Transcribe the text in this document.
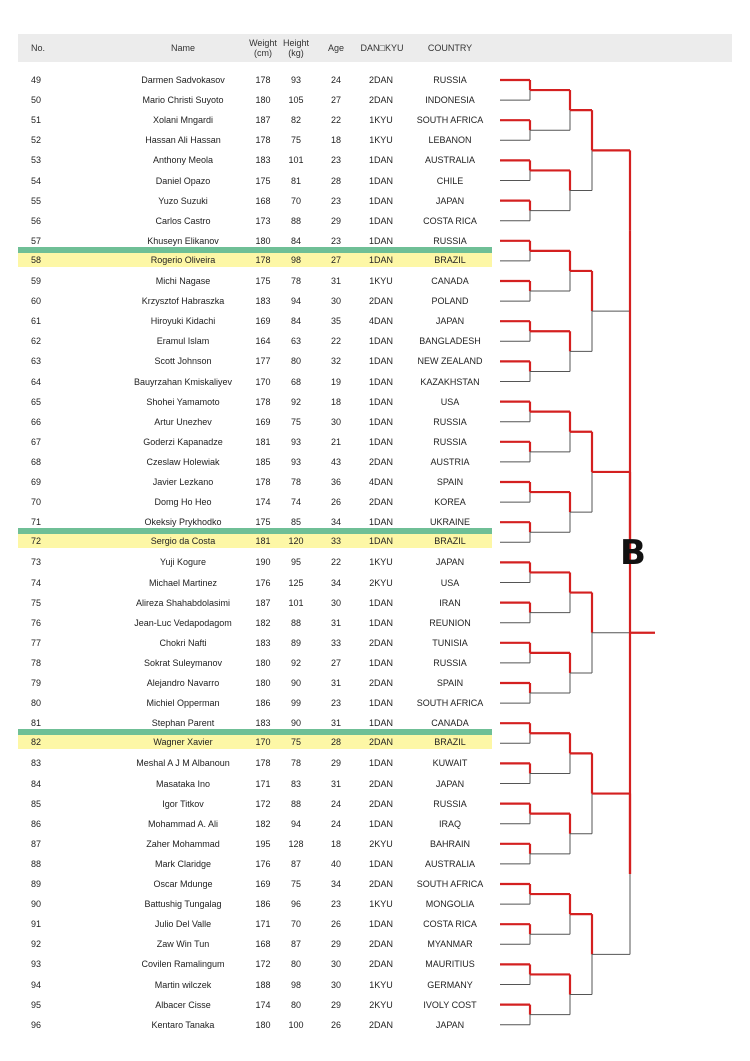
No.	Name	Weight
(cm)
Height
(kg)	Age	DAN□KYU	COUNTRY
49	Darmen Sadvokasov	178	93	24	2DAN	RUSSIA
50	Mario Christi Suyoto	180	105	27	2DAN	INDONESIA
51	Xolani Mngardi	187	82	22	1KYU	SOUTH AFRICA
52	Hassan Ali Hassan	178	75	18	1KYU	LEBANON
53	Anthony Meola	183	101	23	1DAN	AUSTRALIA
54	Daniel Opazo	175	81	28	1DAN	CHILE
55	Yuzo Suzuki	168	70	23	1DAN	JAPAN
56	Carlos Castro	173	88	29	1DAN	COSTA RICA
57	Khuseyn Elikanov	180	84	23	1DAN	RUSSIA
58	Rogerio Oliveira	178	98	27	1DAN	BRAZIL
59	Michi Nagase	175	78	31	1KYU	CANADA
60	Krzysztof Habraszka	183	94	30	2DAN	POLAND
61	Hiroyuki Kidachi	169	84	35	4DAN	JAPAN
62	Eramul Islam	164	63	22	1DAN	BANGLADESH
63	Scott Johnson	177	80	32	1DAN	NEW ZEALAND
64	Bauyrzahan Kmiskaliyev	170	68	19	1DAN	KAZAKHSTAN
65	Shohei Yamamoto	178	92	18	1DAN	USA
66	Artur Unezhev	169	75	30	1DAN	RUSSIA
67	Goderzi Kapanadze	181	93	21	1DAN	RUSSIA
68	Czeslaw Holewiak	185	93	43	2DAN	AUSTRIA
69	Javier Lezkano	178	78	36	4DAN	SPAIN
70	Domg Ho Heo	174	74	26	2DAN	KOREA
71	Okeksiy Prykhodko	175	85	34	1DAN	UKRAINE
72	Sergio da Costa	181	120	33	1DAN	BRAZIL
73	Yuji Kogure	190	95	22	1KYU	JAPAN
74	Michael Martinez	176	125	34	2KYU	USA
75	Alireza Shahabdolasimi	187	101	30	1DAN	IRAN
76	Jean-Luc Vedapodagom	182	88	31	1DAN	REUNION
77	Chokri Nafti	183	89	33	2DAN	TUNISIA
78	Sokrat Suleymanov	180	92	27	1DAN	RUSSIA
79	Alejandro Navarro	180	90	31	2DAN	SPAIN
80	Michiel Opperman	186	99	23	1DAN	SOUTH AFRICA
81	Stephan Parent	183	90	31	1DAN	CANADA
82	Wagner Xavier	170	75	28	2DAN	BRAZIL
83	Meshal A J M Albanoun	178	78	29	1DAN	KUWAIT
84	Masataka Ino	171	83	31	2DAN	JAPAN
85	Igor Titkov	172	88	24	2DAN	RUSSIA
86	Mohammad A. Ali	182	94	24	1DAN	IRAQ
87	Zaher Mohammad	195	128	18	2KYU	BAHRAIN
88	Mark Claridge	176	87	40	1DAN	AUSTRALIA
89	Oscar Mdunge	169	75	34	2DAN	SOUTH AFRICA
90	Battushig Tungalag	186	96	23	1KYU	MONGOLIA
91	Julio Del Valle	171	70	26	1DAN	COSTA RICA
92	Zaw Win Tun	168	87	29	2DAN	MYANMAR
93	Covilen Ramalingum	172	80	30	2DAN	MAURITIUS
94	Martin wilczek	188	98	30	1KYU	GERMANY
95	Albacer Cisse	174	80	29	2KYU	IVOLY COST
96	Kentaro Tanaka	180	100	26	2DAN	JAPAN
B
